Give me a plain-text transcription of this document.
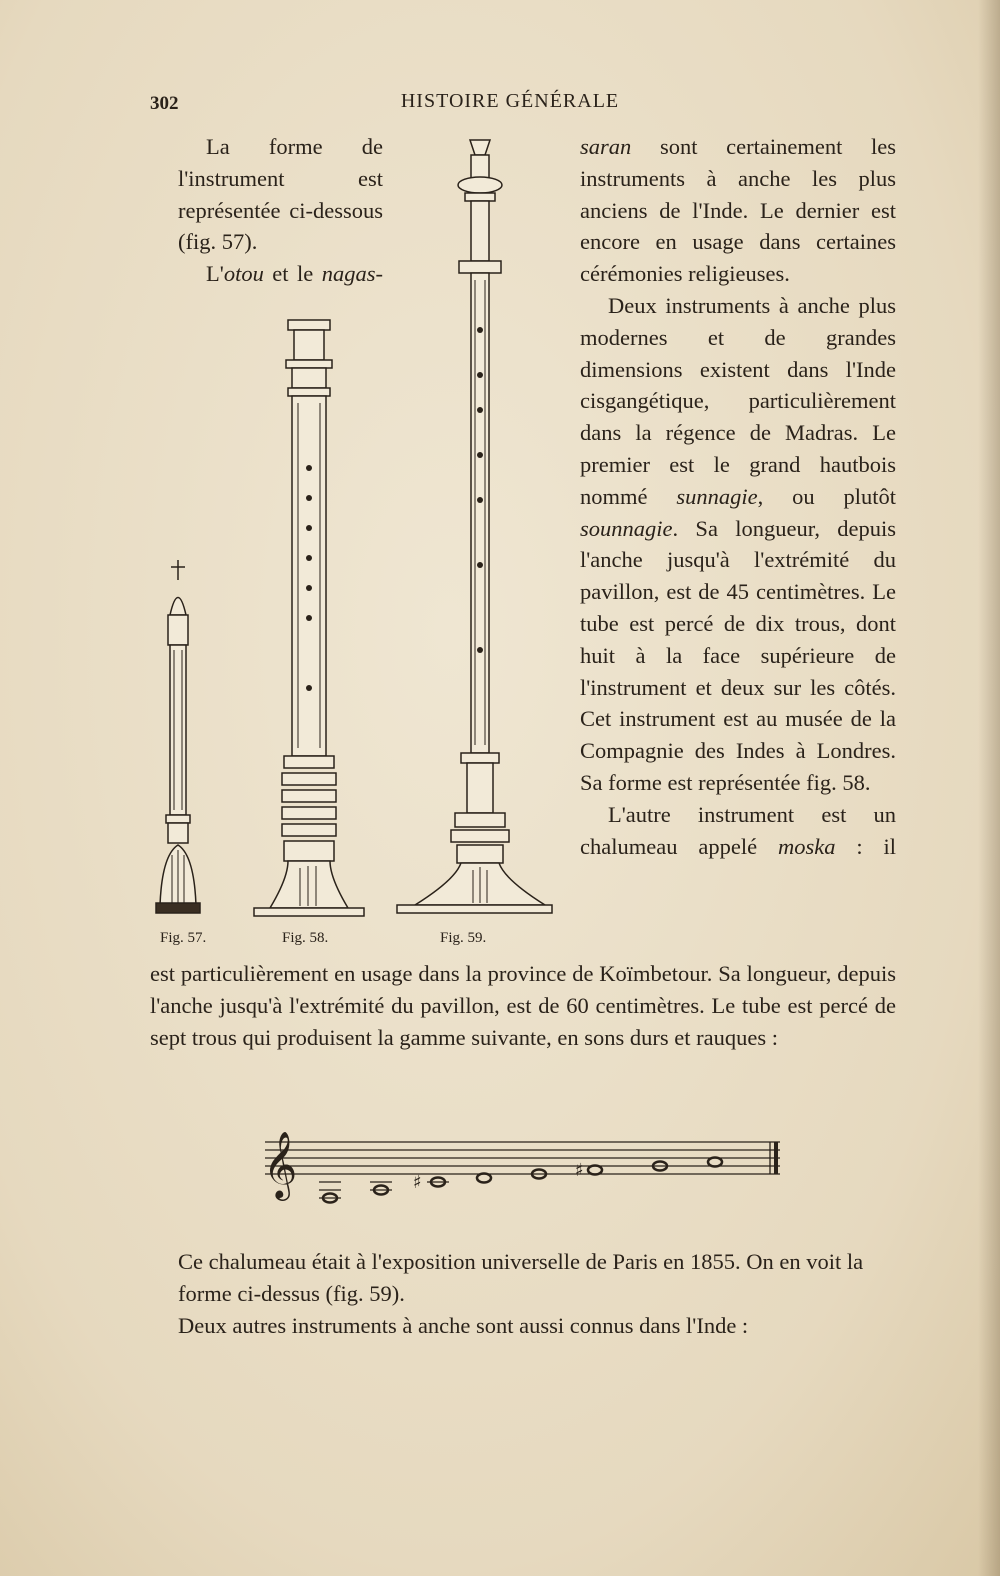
302	HISTOIRE GÉNÉRALE

La forme de l'instrument est représentée ci-dessous (fig. 57).

L'otou et le nagas-

saran sont certainement les instruments à anche les plus anciens de l'Inde. Le dernier est encore en usage dans certaines cérémonies religieuses.

Deux instruments à anche plus modernes et de grandes dimensions existent dans l'Inde cisgangétique, particulièrement dans la régence de Madras. Le premier est le grand hautbois nommé sunnagie, ou plutôt sounnagie. Sa longueur, depuis l'anche jusqu'à l'extrémité du pavillon, est de 45 centimètres. Le tube est percé de dix trous, dont huit à la face supérieure de l'instrument et deux sur les côtés. Cet instrument est au musée de la Compagnie des Indes à Londres. Sa forme est représentée fig. 58.

L'autre instrument est un chalumeau appelé moska : il

Fig. 57.	Fig. 58.	Fig. 59.

est particulièrement en usage dans la province de Koïmbetour. Sa longueur, depuis l'anche jusqu'à l'extrémité du pavillon, est de 60 centimètres. Le tube est percé de sept trous qui produisent la gamme suivante, en sons durs et rauques :

𝄞	♯
♯

Ce chalumeau était à l'exposition universelle de Paris en 1855. On en voit la forme ci-dessus (fig. 59).

Deux autres instruments à anche sont aussi connus dans l'Inde :
